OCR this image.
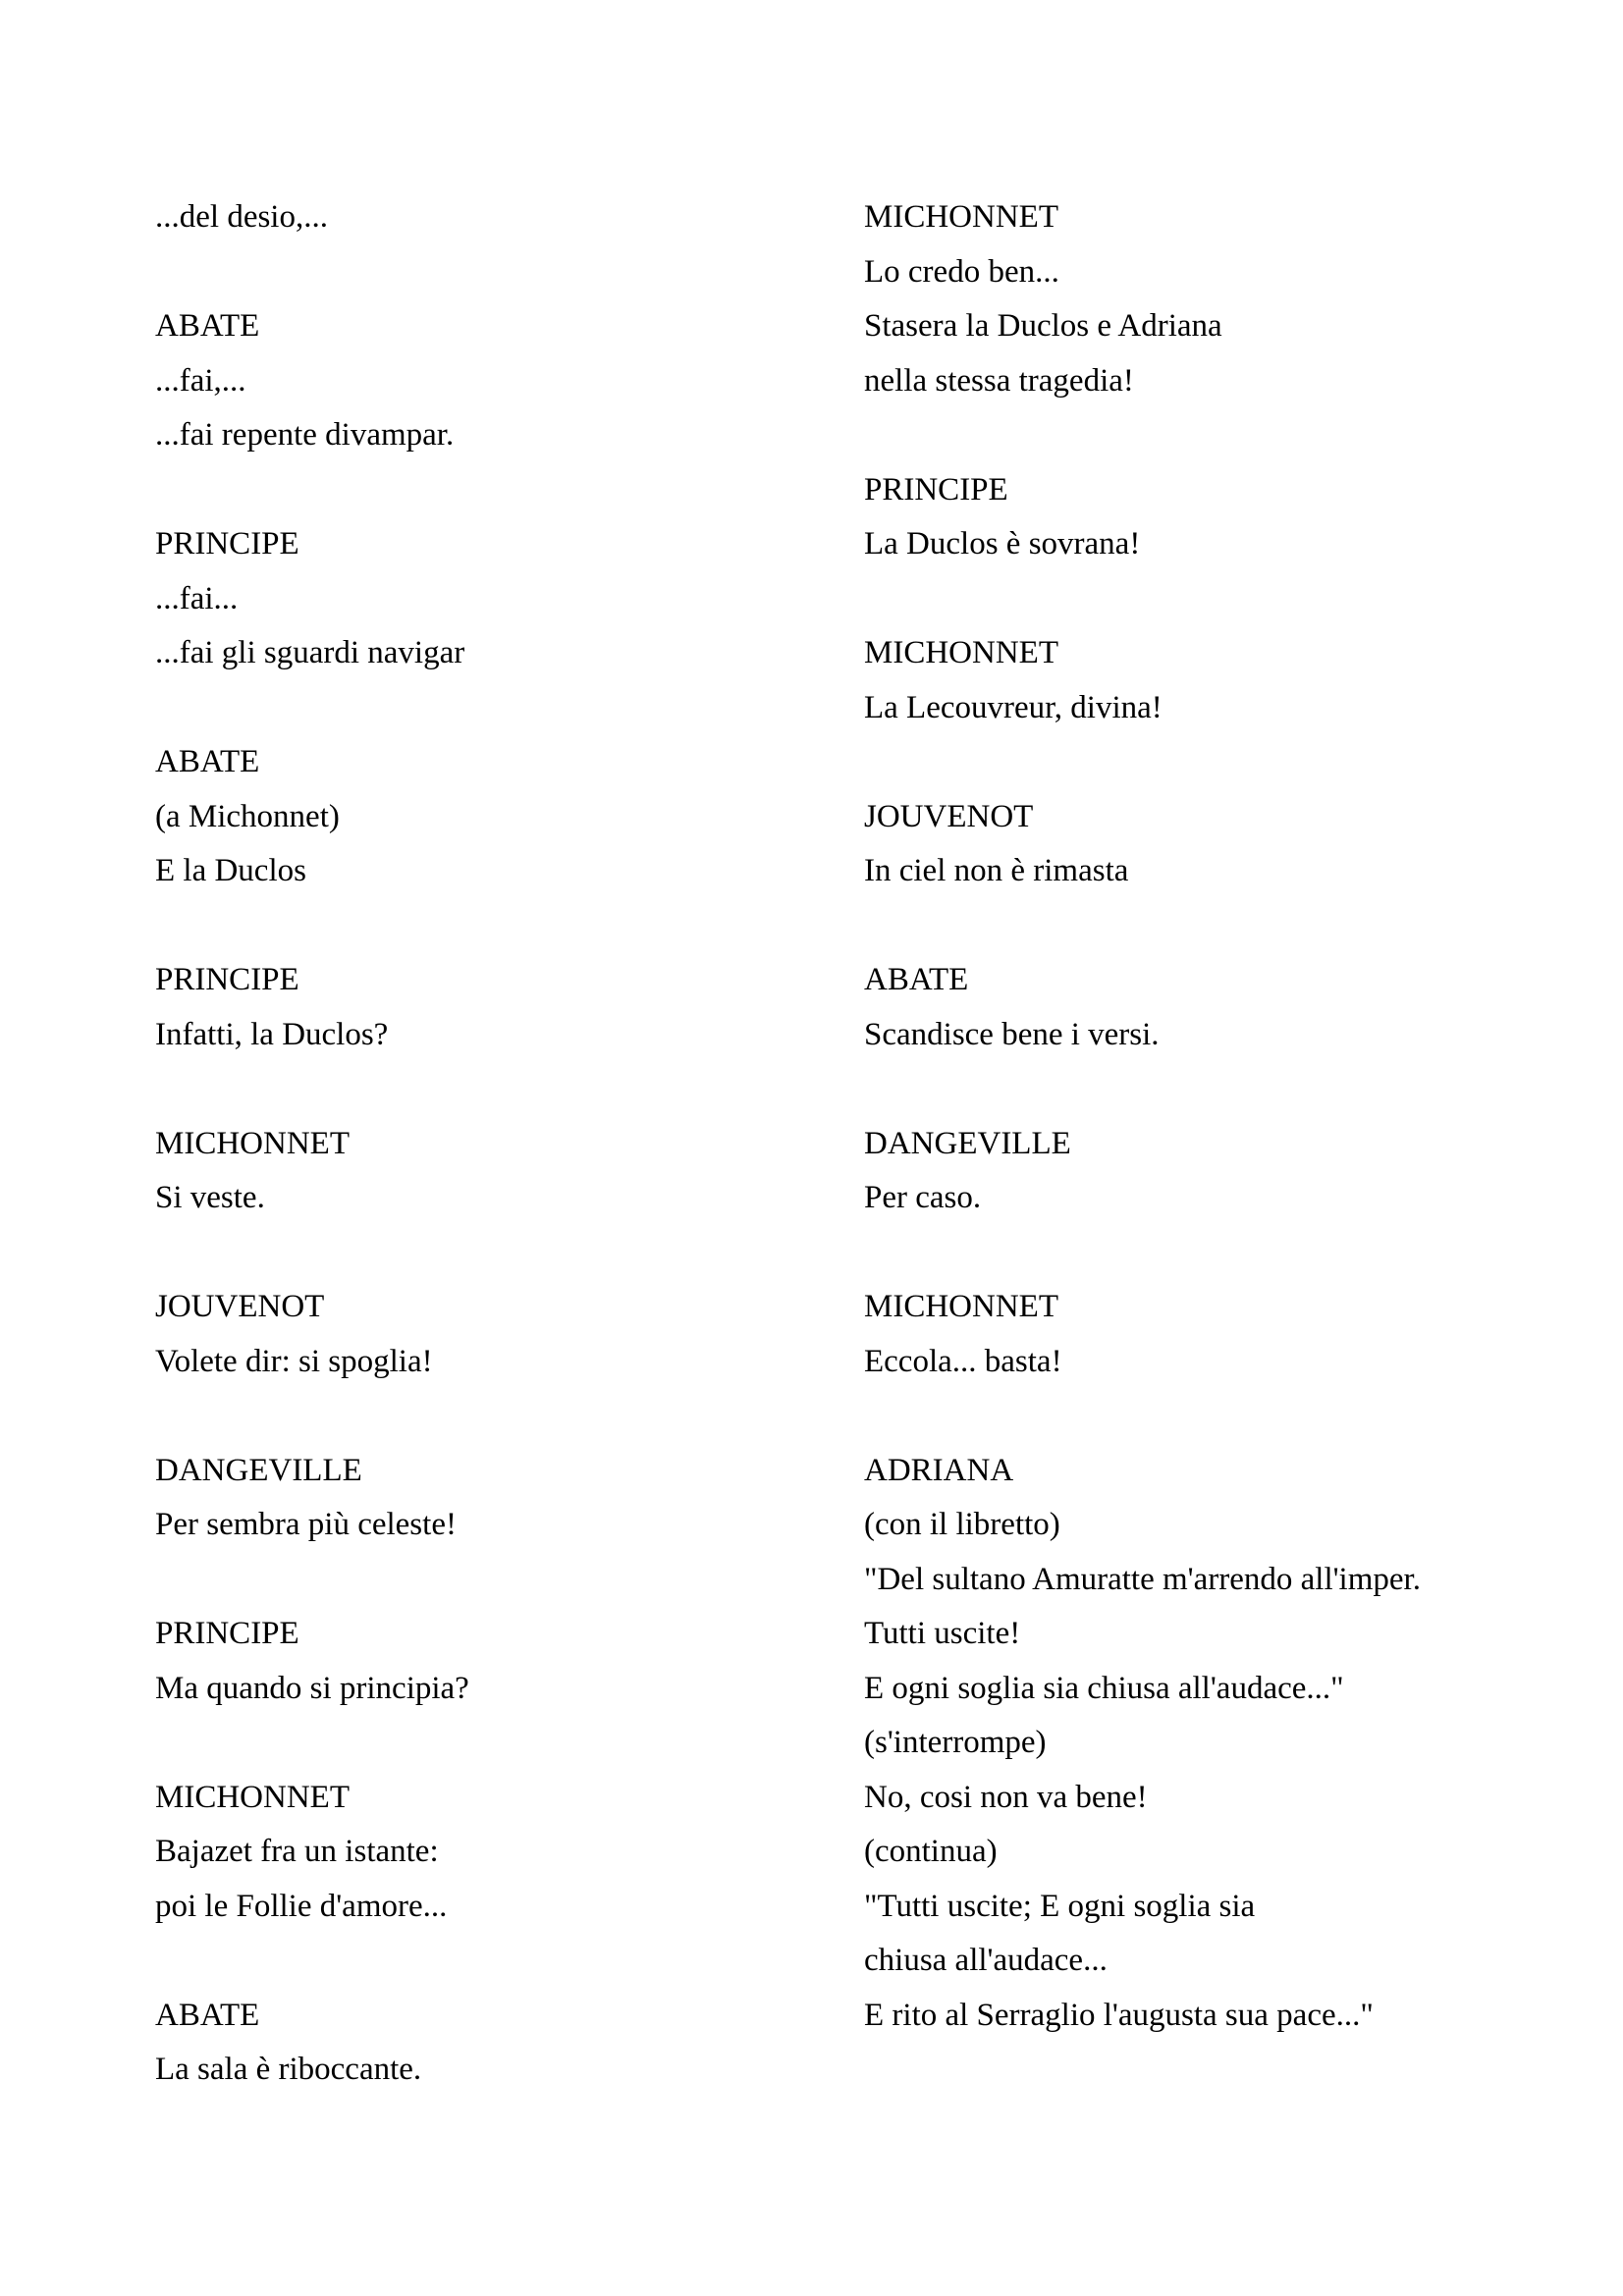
...del desio,...
ABATE
...fai,...
...fai repente divampar.
PRINCIPE
...fai...
...fai gli sguardi navigar
ABATE
(a Michonnet)
E la Duclos
PRINCIPE
Infatti, la Duclos?
MICHONNET
Si veste.
JOUVENOT
Volete dir: si spoglia!
DANGEVILLE
Per sembra più celeste!
PRINCIPE
Ma quando si principia?
MICHONNET
Bajazet fra un istante:
poi le Follie d'amore...
ABATE
La sala è riboccante.
MICHONNET
Lo credo ben...
Stasera la Duclos e Adriana
nella stessa tragedia!
PRINCIPE
La Duclos è sovrana!
MICHONNET
La Lecouvreur, divina!
JOUVENOT
In ciel non è rimasta
ABATE
Scandisce bene i versi.
DANGEVILLE
Per caso.
MICHONNET
Eccola... basta!
ADRIANA
(con il libretto)
"Del sultano Amuratte m'arrendo all'imper.
Tutti uscite!
E ogni soglia sia chiusa all'audace..."
(s'interrompe)
No, cosi non va bene!
(continua)
"Tutti uscite; E ogni soglia sia
chiusa all'audace...
E rito al Serraglio l'augusta sua pace..."
